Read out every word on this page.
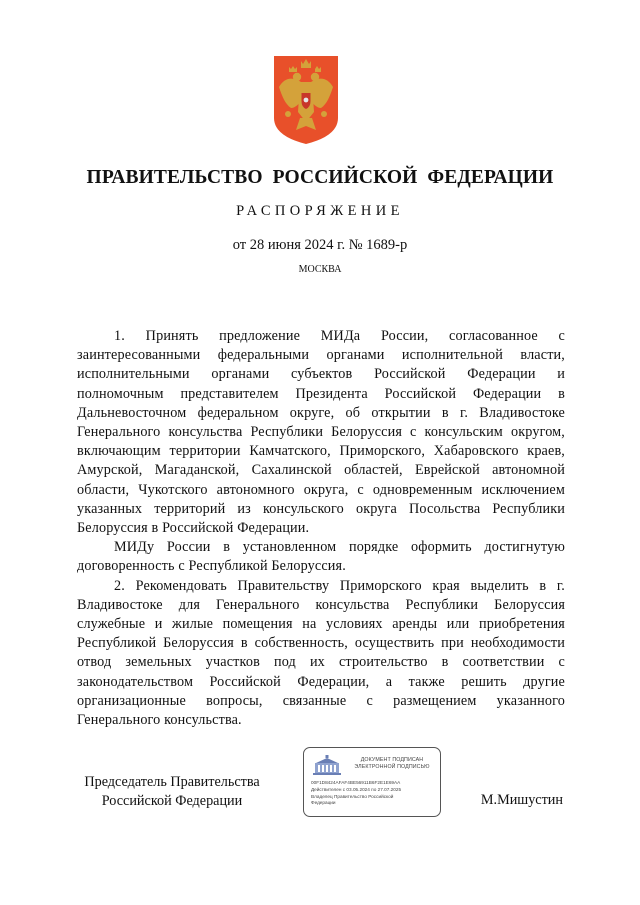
ПРАВИТЕЛЬСТВО РОССИЙСКОЙ ФЕДЕРАЦИИ
РАСПОРЯЖЕНИЕ
от 28 июня 2024 г. № 1689-р
МОСКВА

1. Принять предложение МИДа России, согласованное с заинтересованными федеральными органами исполнительной власти, исполнительными органами субъектов Российской Федерации и полномочным представителем Президента Российской Федерации в Дальневосточном федеральном округе, об открытии в г. Владивостоке Генерального консульства Республики Белоруссия с консульским округом, включающим территории Камчатского, Приморского, Хабаровского краев, Амурской, Магаданской, Сахалинской областей, Еврейской автономной области, Чукотского автономного округа, с одновременным исключением указанных территорий из консульского округа Посольства Республики Белоруссия в Российской Федерации.

МИДу России в установленном порядке оформить достигнутую договоренность с Республикой Белоруссия.

2. Рекомендовать Правительству Приморского края выделить в г. Владивостоке для Генерального консульства Республики Белоруссия служебные и жилые помещения на условиях аренды или приобретения Республикой Белоруссия в собственность, осуществить при необходимости отвод земельных участков под их строительство в соответствии с законодательством Российской Федерации, а также решить другие организационные вопросы, связанные с размещением указанного Генерального консульства.

Председатель Правительства
Российской Федерации
ДОКУМЕНТ ПОДПИСАН
ЭЛЕКТРОННОЙ ПОДПИСЬЮ
00F1D8424AFAF4BE56911B6F2E1E69AA
Действителен с 03.05.2024 по 27.07.2025
Владелец Правительство Российской
Федерации	М.Мишустин
